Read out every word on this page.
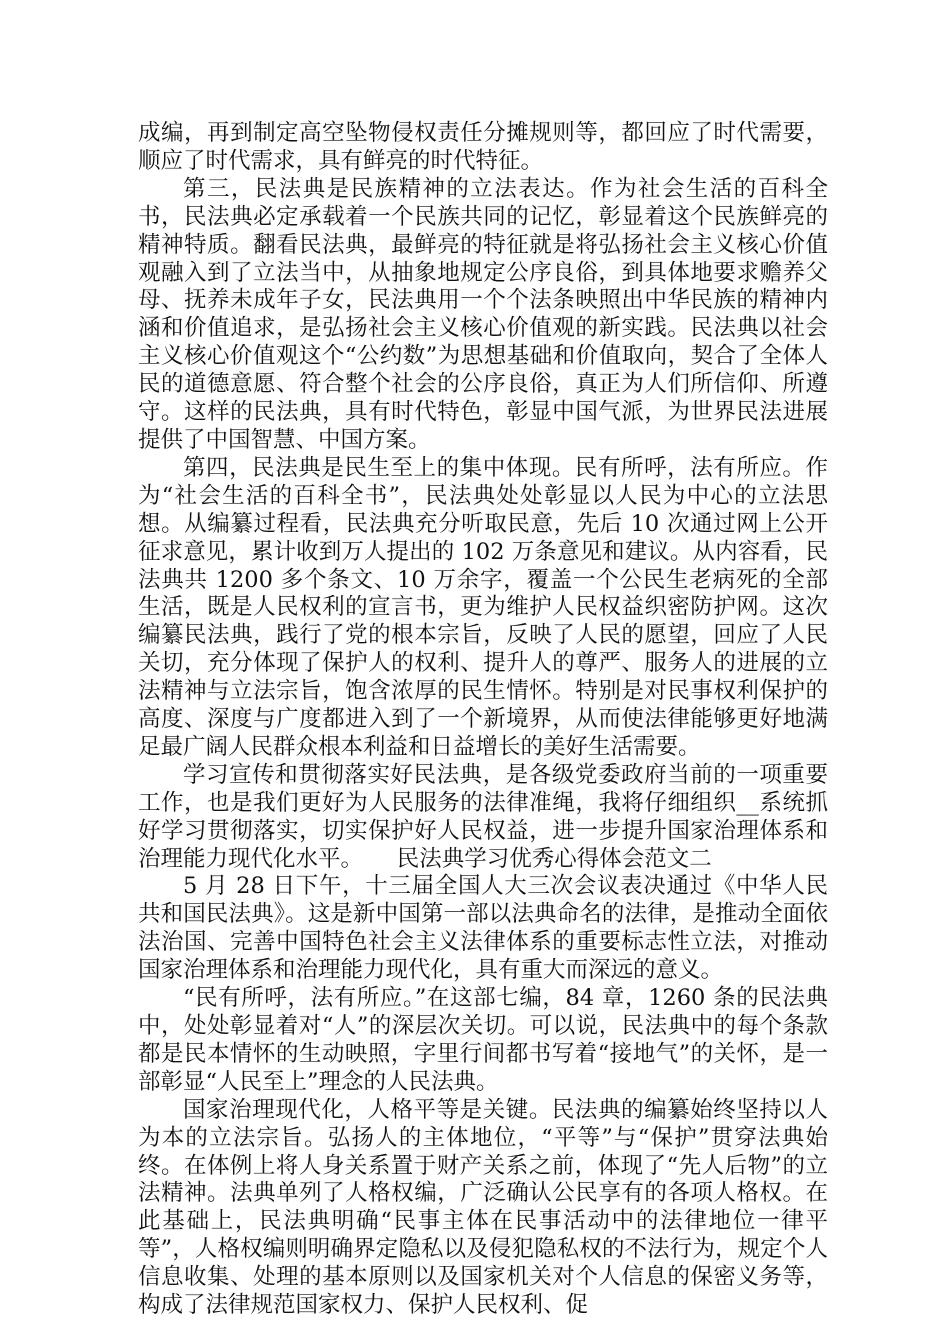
成编，再到制定高空坠物侵权责任分摊规则等，都回应了时代需要，顺应了时代需求，具有鲜亮的时代特征。

第三，民法典是民族精神的立法表达。作为社会生活的百科全书，民法典必定承载着一个民族共同的记忆，彰显着这个民族鲜亮的精神特质。翻看民法典，最鲜亮的特征就是将弘扬社会主义核心价值观融入到了立法当中，从抽象地规定公序良俗，到具体地要求赡养父母、抚养未成年子女，民法典用一个个法条映照出中华民族的精神内涵和价值追求，是弘扬社会主义核心价值观的新实践。民法典以社会主义核心价值观这个“公约数”为思想基础和价值取向，契合了全体人民的道德意愿、符合整个社会的公序良俗，真正为人们所信仰、所遵守。这样的民法典，具有时代特色，彰显中国气派，为世界民法进展提供了中国智慧、中国方案。

第四，民法典是民生至上的集中体现。民有所呼，法有所应。作为“社会生活的百科全书”，民法典处处彰显以人民为中心的立法思想。从编纂过程看，民法典充分听取民意，先后 10 次通过网上公开征求意见，累计收到万人提出的 102 万条意见和建议。从内容看，民法典共 1200 多个条文、10 万余字，覆盖一个公民生老病死的全部生活，既是人民权利的宣言书，更为维护人民权益织密防护网。这次编纂民法典，践行了党的根本宗旨，反映了人民的愿望，回应了人民关切，充分体现了保护人的权利、提升人的尊严、服务人的进展的立法精神与立法宗旨，饱含浓厚的民生情怀。特别是对民事权利保护的高度、深度与广度都进入到了一个新境界，从而使法律能够更好地满足最广阔人民群众根本利益和日益增长的美好生活需要。

学习宣传和贯彻落实好民法典，是各级党委政府当前的一项重要工作，也是我们更好为人民服务的法律准绳，我将仔细组织__系统抓好学习贯彻落实，切实保护好人民权益，进一步提升国家治理体系和治理能力现代化水平。　　民法典学习优秀心得体会范文二

5 月 28 日下午，十三届全国人大三次会议表决通过《中华人民共和国民法典》。这是新中国第一部以法典命名的法律，是推动全面依法治国、完善中国特色社会主义法律体系的重要标志性立法，对推动国家治理体系和治理能力现代化，具有重大而深远的意义。

“民有所呼，法有所应。”在这部七编，84 章，1260 条的民法典中，处处彰显着对“人”的深层次关切。可以说，民法典中的每个条款都是民本情怀的生动映照，字里行间都书写着“接地气”的关怀，是一部彰显“人民至上”理念的人民法典。

国家治理现代化，人格平等是关键。民法典的编纂始终坚持以人为本的立法宗旨。弘扬人的主体地位，“平等”与“保护”贯穿法典始终。在体例上将人身关系置于财产关系之前，体现了“先人后物”的立法精神。法典单列了人格权编，广泛确认公民享有的各项人格权。在此基础上，民法典明确“民事主体在民事活动中的法律地位一律平等”，人格权编则明确界定隐私以及侵犯隐私权的不法行为，规定个人信息收集、处理的基本原则以及国家机关对个人信息的保密义务等，构成了法律规范国家权力、保护人民权利、促
